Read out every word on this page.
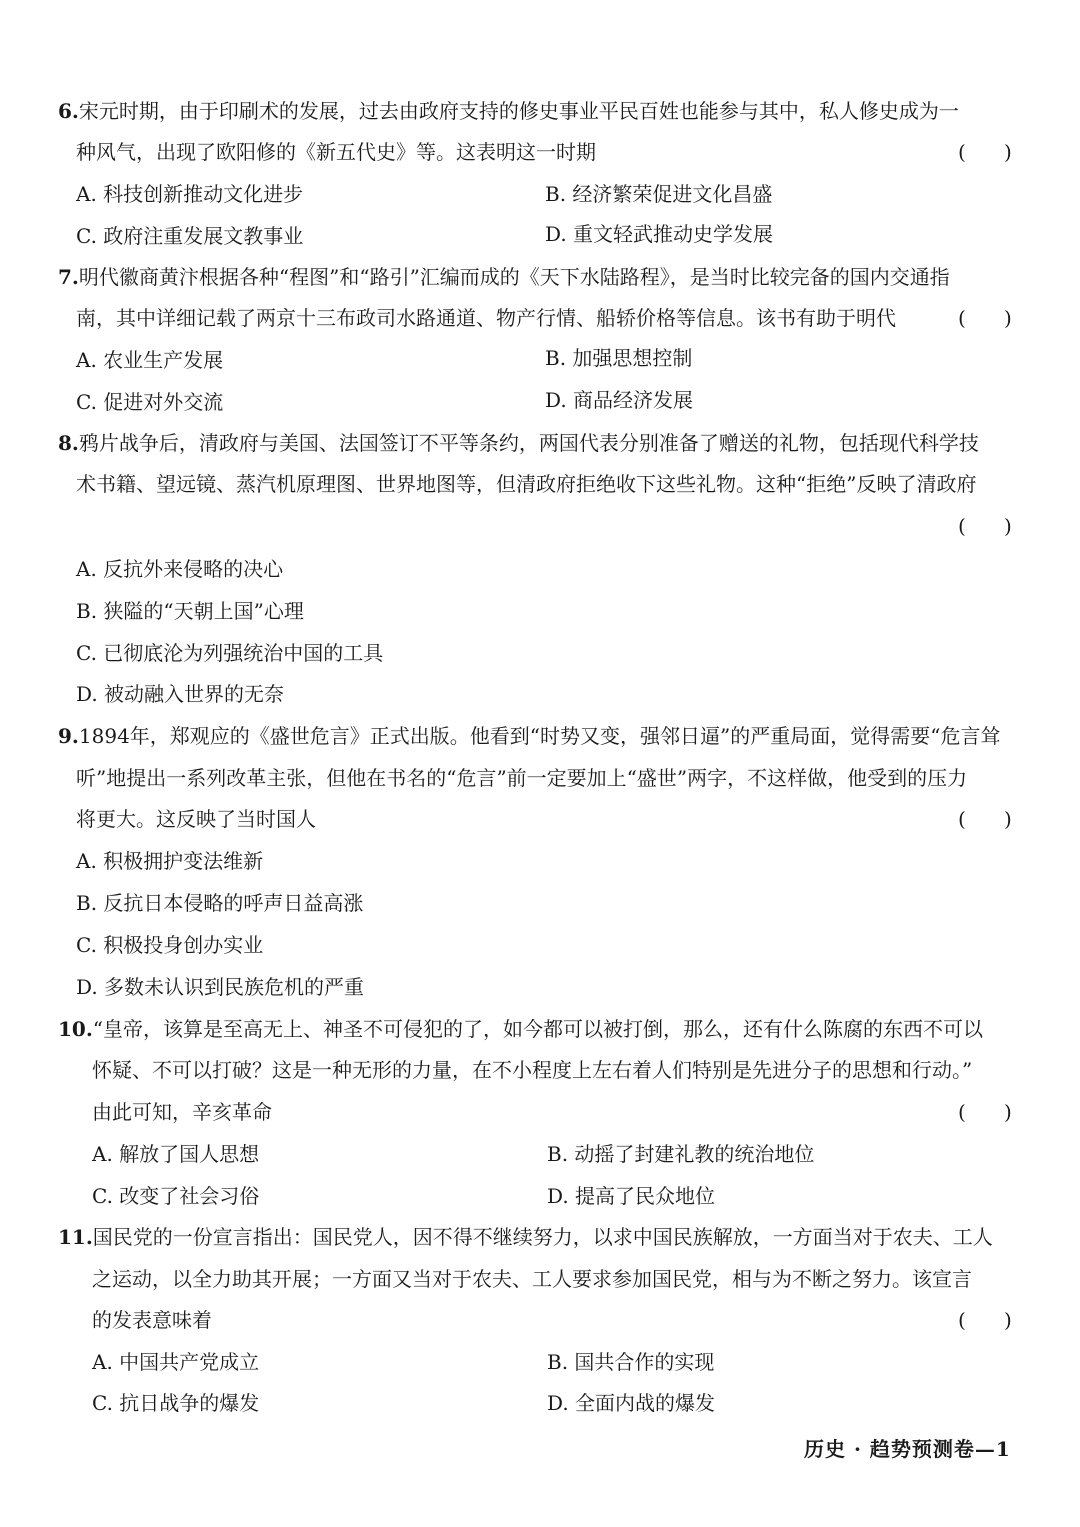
6.宋元时期，由于印刷术的发展，过去由政府支持的修史事业平民百姓也能参与其中，私人修史成为一
种风气，出现了欧阳修的《新五代史》等。这表明这一时期	(      )
A. 科技创新推动文化进步	B. 经济繁荣促进文化昌盛
C. 政府注重发展文教事业	D. 重文轻武推动史学发展
7.明代徽商黄汴根据各种“程图”和“路引”汇编而成的《天下水陆路程》，是当时比较完备的国内交通指
南，其中详细记载了两京十三布政司水路通道、物产行情、船轿价格等信息。该书有助于明代	(      )
A. 农业生产发展	B. 加强思想控制
C. 促进对外交流	D. 商品经济发展
8.鸦片战争后，清政府与美国、法国签订不平等条约，两国代表分别准备了赠送的礼物，包括现代科学技
术书籍、望远镜、蒸汽机原理图、世界地图等，但清政府拒绝收下这些礼物。这种“拒绝”反映了清政府
(      )
A. 反抗外来侵略的决心
B. 狭隘的“天朝上国”心理
C. 已彻底沦为列强统治中国的工具
D. 被动融入世界的无奈
9.1894年，郑观应的《盛世危言》正式出版。他看到“时势又变，强邻日逼”的严重局面，觉得需要“危言耸
听”地提出一系列改革主张，但他在书名的“危言”前一定要加上“盛世”两字，不这样做，他受到的压力
将更大。这反映了当时国人	(      )
A. 积极拥护变法维新
B. 反抗日本侵略的呼声日益高涨
C. 积极投身创办实业
D. 多数未认识到民族危机的严重
10.“皇帝，该算是至高无上、神圣不可侵犯的了，如今都可以被打倒，那么，还有什么陈腐的东西不可以
怀疑、不可以打破？这是一种无形的力量，在不小程度上左右着人们特别是先进分子的思想和行动。”
由此可知，辛亥革命	(      )
A. 解放了国人思想	B. 动摇了封建礼教的统治地位
C. 改变了社会习俗	D. 提高了民众地位
11.国民党的一份宣言指出：国民党人，因不得不继续努力，以求中国民族解放，一方面当对于农夫、工人
之运动，以全力助其开展；一方面又当对于农夫、工人要求参加国民党，相与为不断之努力。该宣言
的发表意味着	(      )
A. 中国共产党成立	B. 国共合作的实现
C. 抗日战争的爆发	D. 全面内战的爆发
历史 · 趋势预测卷—1
